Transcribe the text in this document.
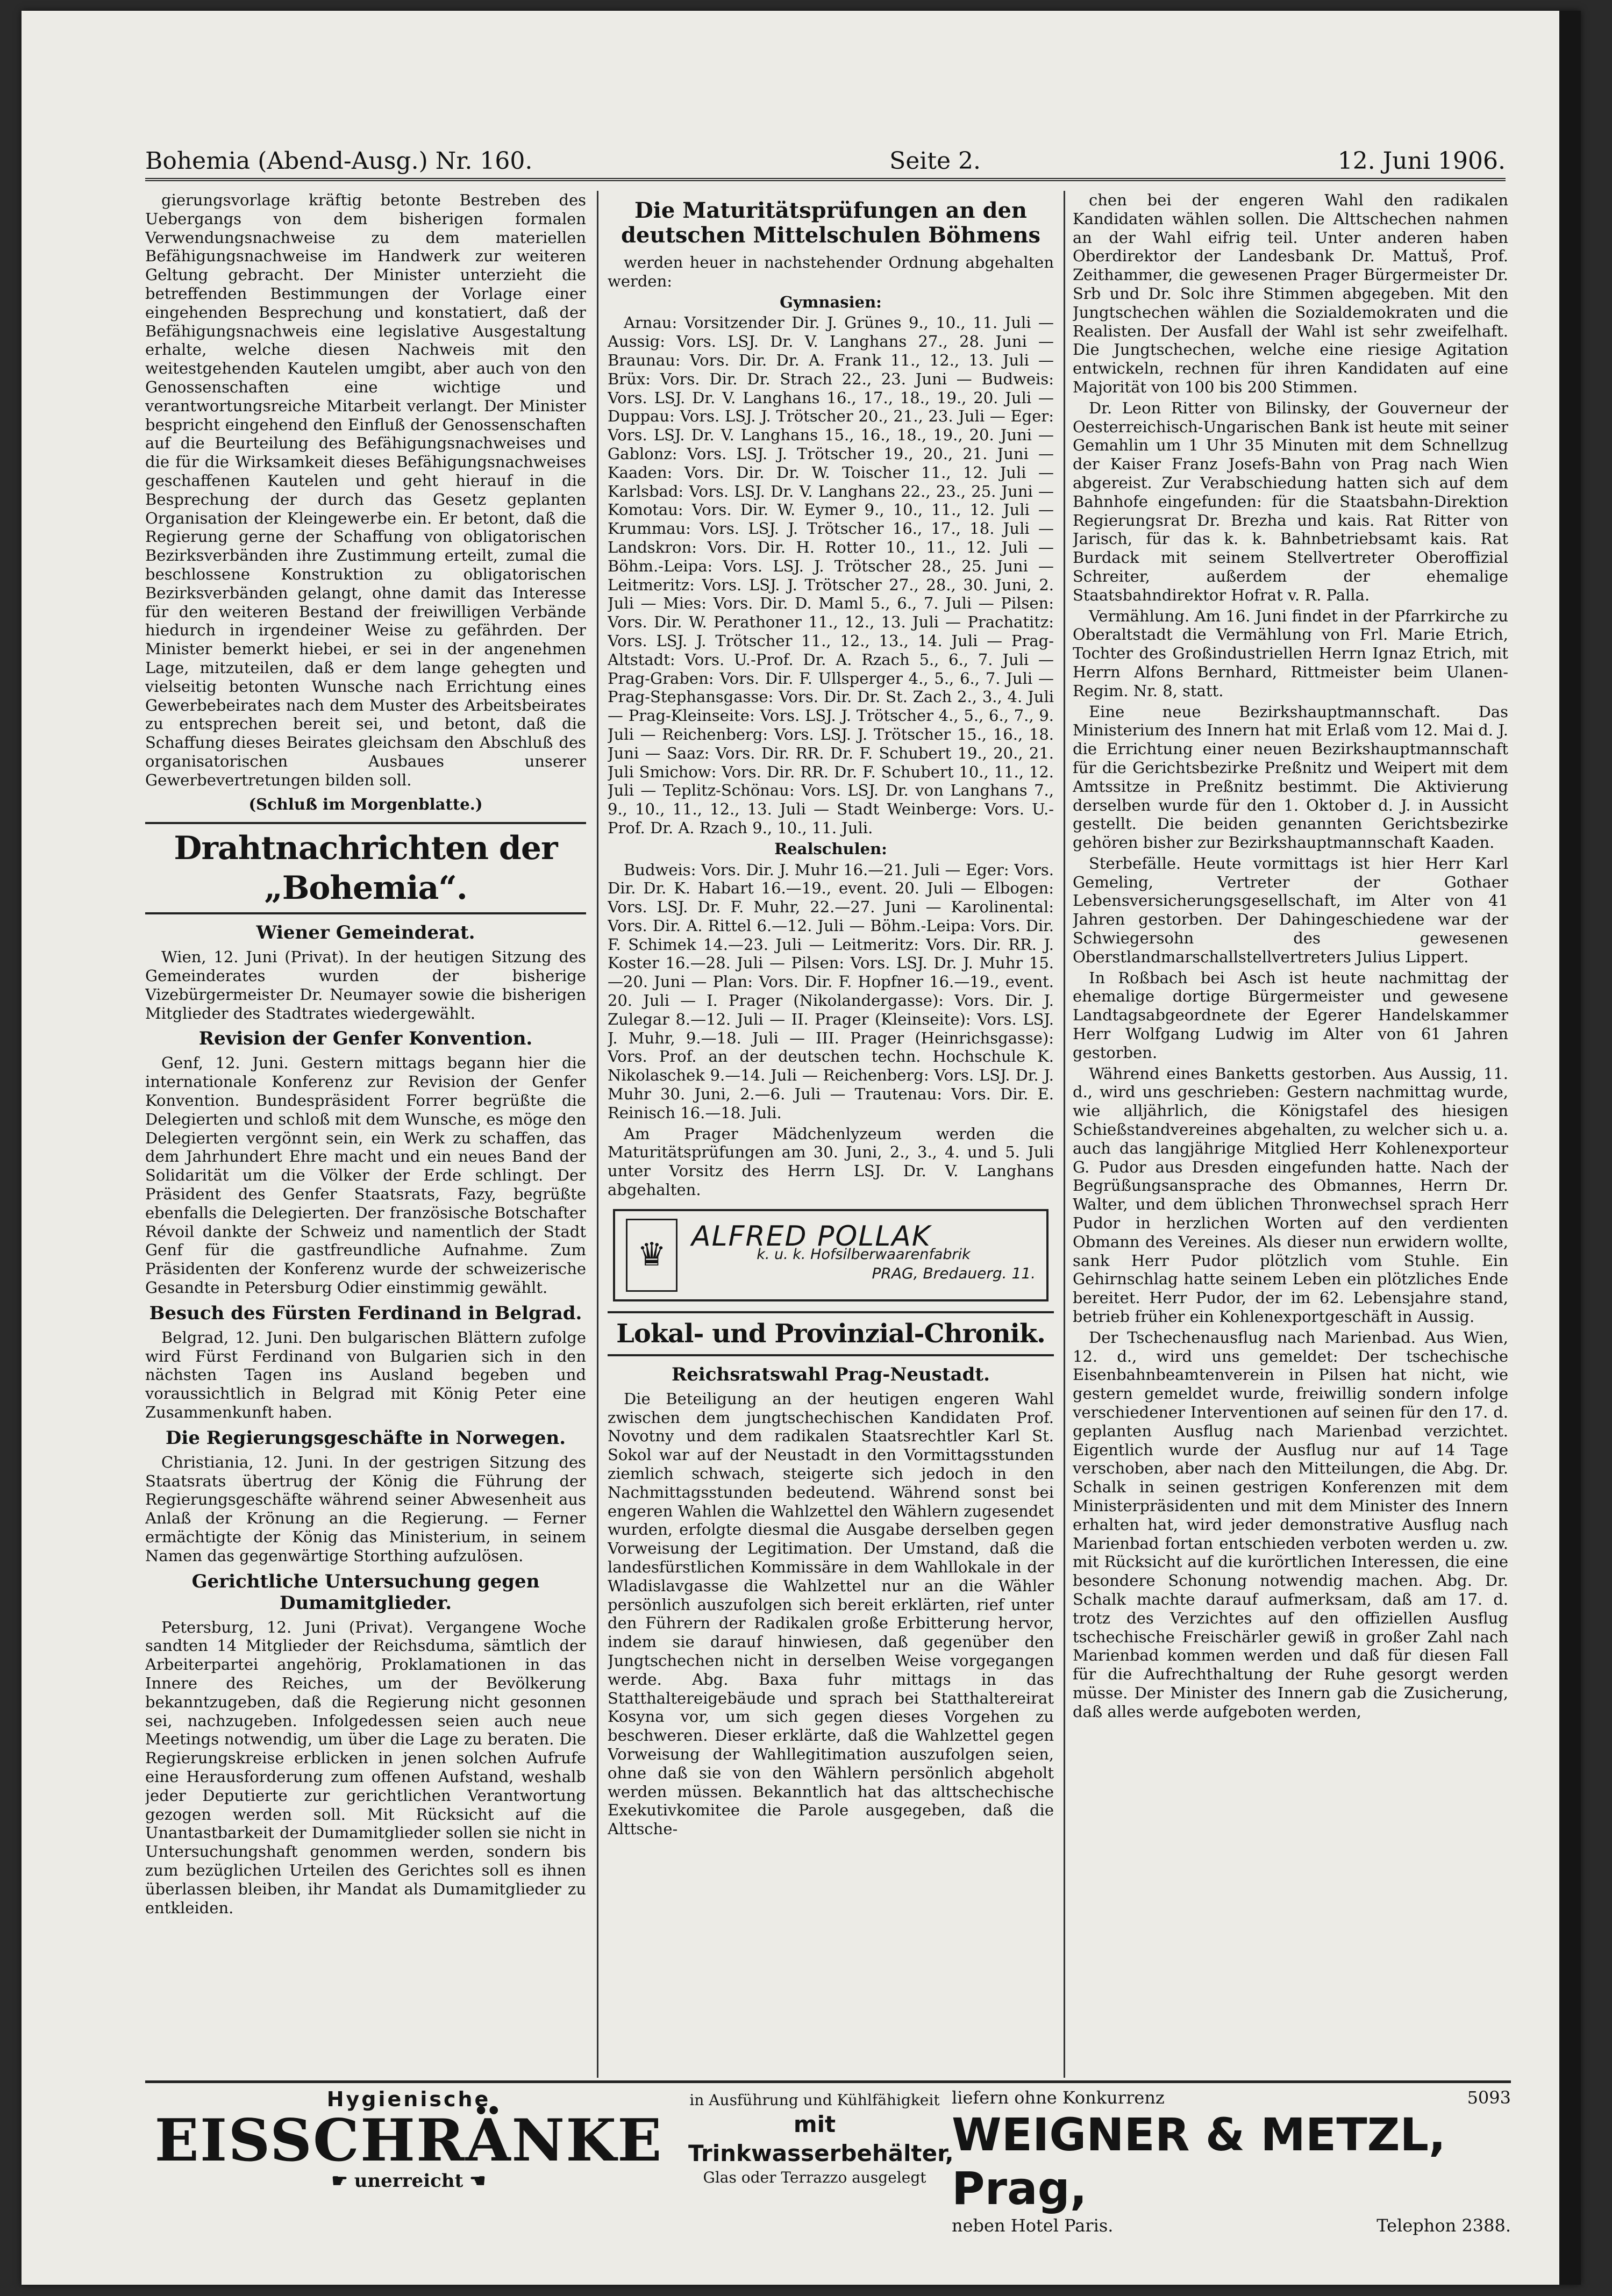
Bohemia (Abend-Ausg.) Nr. 160.	Seite 2.	12. Juni 1906.

gierungsvorlage kräftig betonte Bestreben des Uebergangs von dem bisherigen formalen Verwendungsnachweise zu dem materiellen Befähigungsnachweise im Handwerk zur weiteren Geltung gebracht. Der Minister unterzieht die betreffenden Bestimmungen der Vorlage einer eingehenden Besprechung und konstatiert, daß der Befähigungsnachweis eine legislative Ausgestaltung erhalte, welche diesen Nachweis mit den weitestgehenden Kautelen umgibt, aber auch von den Genossenschaften eine wichtige und verantwortungsreiche Mitarbeit verlangt. Der Minister bespricht eingehend den Einfluß der Genossenschaften auf die Beurteilung des Befähigungsnachweises und die für die Wirksamkeit dieses Befähigungsnachweises geschaffenen Kautelen und geht hierauf in die Besprechung der durch das Gesetz geplanten Organisation der Kleingewerbe ein. Er betont, daß die Regierung gerne der Schaffung von obligatorischen Bezirksverbänden ihre Zustimmung erteilt, zumal die beschlossene Konstruktion zu obligatorischen Bezirksverbänden gelangt, ohne damit das Interesse für den weiteren Bestand der freiwilligen Verbände hiedurch in irgendeiner Weise zu gefährden. Der Minister bemerkt hiebei, er sei in der angenehmen Lage, mitzuteilen, daß er dem lange gehegten und vielseitig betonten Wunsche nach Errichtung eines Gewerbebeirates nach dem Muster des Arbeitsbeirates zu entsprechen bereit sei, und betont, daß die Schaffung dieses Beirates gleichsam den Abschluß des organisatorischen Ausbaues unserer Gewerbevertretungen bilden soll.

(Schluß im Morgenblatte.)

Drahtnachrichten der „Bohemia“.
Wiener Gemeinderat.

Wien, 12. Juni (Privat). In der heutigen Sitzung des Gemeinderates wurden der bisherige Vizebürgermeister Dr. Neumayer sowie die bisherigen Mitglieder des Stadtrates wiedergewählt.

Revision der Genfer Konvention.

Genf, 12. Juni. Gestern mittags begann hier die internationale Konferenz zur Revision der Genfer Konvention. Bundespräsident Forrer begrüßte die Delegierten und schloß mit dem Wunsche, es möge den Delegierten vergönnt sein, ein Werk zu schaffen, das dem Jahrhundert Ehre macht und ein neues Band der Solidarität um die Völker der Erde schlingt. Der Präsident des Genfer Staatsrats, Fazy, begrüßte ebenfalls die Delegierten. Der französische Botschafter Révoil dankte der Schweiz und namentlich der Stadt Genf für die gastfreundliche Aufnahme. Zum Präsidenten der Konferenz wurde der schweizerische Gesandte in Petersburg Odier einstimmig gewählt.

Besuch des Fürsten Ferdinand in Belgrad.

Belgrad, 12. Juni. Den bulgarischen Blättern zufolge wird Fürst Ferdinand von Bulgarien sich in den nächsten Tagen ins Ausland begeben und voraussichtlich in Belgrad mit König Peter eine Zusammenkunft haben.

Die Regierungsgeschäfte in Norwegen.

Christiania, 12. Juni. In der gestrigen Sitzung des Staatsrats übertrug der König die Führung der Regierungsgeschäfte während seiner Abwesenheit aus Anlaß der Krönung an die Regierung. — Ferner ermächtigte der König das Ministerium, in seinem Namen das gegenwärtige Storthing aufzulösen.

Gerichtliche Untersuchung gegen Dumamitglieder.

Petersburg, 12. Juni (Privat). Vergangene Woche sandten 14 Mitglieder der Reichsduma, sämtlich der Arbeiterpartei angehörig, Proklamationen in das Innere des Reiches, um der Bevölkerung bekanntzugeben, daß die Regierung nicht gesonnen sei, nachzugeben. Infolgedessen seien auch neue Meetings notwendig, um über die Lage zu beraten. Die Regierungskreise erblicken in jenen solchen Aufrufe eine Herausforderung zum offenen Aufstand, weshalb jeder Deputierte zur gerichtlichen Verantwortung gezogen werden soll. Mit Rücksicht auf die Unantastbarkeit der Dumamitglieder sollen sie nicht in Untersuchungshaft genommen werden, sondern bis zum bezüglichen Urteilen des Gerichtes soll es ihnen überlassen bleiben, ihr Mandat als Dumamitglieder zu entkleiden.

Die Maturitätsprüfungen an den deutschen Mittelschulen Böhmens

werden heuer in nachstehender Ordnung abgehalten werden:

Gymnasien:

Arnau: Vorsitzender Dir. J. Grünes 9., 10., 11. Juli — Aussig: Vors. LSJ. Dr. V. Langhans 27., 28. Juni — Braunau: Vors. Dir. Dr. A. Frank 11., 12., 13. Juli — Brüx: Vors. Dir. Dr. Strach 22., 23. Juni — Budweis: Vors. LSJ. Dr. V. Langhans 16., 17., 18., 19., 20. Juli — Duppau: Vors. LSJ. J. Trötscher 20., 21., 23. Juli — Eger: Vors. LSJ. Dr. V. Langhans 15., 16., 18., 19., 20. Juni — Gablonz: Vors. LSJ. J. Trötscher 19., 20., 21. Juni — Kaaden: Vors. Dir. Dr. W. Toischer 11., 12. Juli — Karlsbad: Vors. LSJ. Dr. V. Langhans 22., 23., 25. Juni — Komotau: Vors. Dir. W. Eymer 9., 10., 11., 12. Juli — Krummau: Vors. LSJ. J. Trötscher 16., 17., 18. Juli — Landskron: Vors. Dir. H. Rotter 10., 11., 12. Juli — Böhm.-Leipa: Vors. LSJ. J. Trötscher 28., 25. Juni — Leitmeritz: Vors. LSJ. J. Trötscher 27., 28., 30. Juni, 2. Juli — Mies: Vors. Dir. D. Maml 5., 6., 7. Juli — Pilsen: Vors. Dir. W. Perathoner 11., 12., 13. Juli — Prachatitz: Vors. LSJ. J. Trötscher 11., 12., 13., 14. Juli — Prag-Altstadt: Vors. U.-Prof. Dr. A. Rzach 5., 6., 7. Juli — Prag-Graben: Vors. Dir. F. Ullsperger 4., 5., 6., 7. Juli — Prag-Stephansgasse: Vors. Dir. Dr. St. Zach 2., 3., 4. Juli — Prag-Kleinseite: Vors. LSJ. J. Trötscher 4., 5., 6., 7., 9. Juli — Reichenberg: Vors. LSJ. J. Trötscher 15., 16., 18. Juni — Saaz: Vors. Dir. RR. Dr. F. Schubert 19., 20., 21. Juli Smichow: Vors. Dir. RR. Dr. F. Schubert 10., 11., 12. Juli — Teplitz-Schönau: Vors. LSJ. Dr. von Langhans 7., 9., 10., 11., 12., 13. Juli — Stadt Weinberge: Vors. U.-Prof. Dr. A. Rzach 9., 10., 11. Juli.

Realschulen:

Budweis: Vors. Dir. J. Muhr 16.—21. Juli — Eger: Vors. Dir. Dr. K. Habart 16.—19., event. 20. Juli — Elbogen: Vors. LSJ. Dr. F. Muhr, 22.—27. Juni — Karolinental: Vors. Dir. A. Rittel 6.—12. Juli — Böhm.-Leipa: Vors. Dir. F. Schimek 14.—23. Juli — Leitmeritz: Vors. Dir. RR. J. Koster 16.—28. Juli — Pilsen: Vors. LSJ. Dr. J. Muhr 15.—20. Juni — Plan: Vors. Dir. F. Hopfner 16.—19., event. 20. Juli — I. Prager (Nikolandergasse): Vors. Dir. J. Zulegar 8.—12. Juli — II. Prager (Kleinseite): Vors. LSJ. J. Muhr, 9.—18. Juli — III. Prager (Heinrichsgasse): Vors. Prof. an der deutschen techn. Hochschule K. Nikolaschek 9.—14. Juli — Reichenberg: Vors. LSJ. Dr. J. Muhr 30. Juni, 2.—6. Juli — Trautenau: Vors. Dir. E. Reinisch 16.—18. Juli.

Am Prager Mädchenlyzeum werden die Maturitätsprüfungen am 30. Juni, 2., 3., 4. und 5. Juli unter Vorsitz des Herrn LSJ. Dr. V. Langhans abgehalten.

♛ ALFRED POLLAK
k. u. k. Hofsilberwaarenfabrik
PRAG, Bredauerg. 11.
Lokal- und Provinzial-Chronik.
Reichsratswahl Prag-Neustadt.

Die Beteiligung an der heutigen engeren Wahl zwischen dem jungtschechischen Kandidaten Prof. Novotny und dem radikalen Staatsrechtler Karl St. Sokol war auf der Neustadt in den Vormittagsstunden ziemlich schwach, steigerte sich jedoch in den Nachmittagsstunden bedeutend. Während sonst bei engeren Wahlen die Wahlzettel den Wählern zugesendet wurden, erfolgte diesmal die Ausgabe derselben gegen Vorweisung der Legitimation. Der Umstand, daß die landesfürstlichen Kommissäre in dem Wahllokale in der Wladislavgasse die Wahlzettel nur an die Wähler persönlich auszufolgen sich bereit erklärten, rief unter den Führern der Radikalen große Erbitterung hervor, indem sie darauf hinwiesen, daß gegenüber den Jungtschechen nicht in derselben Weise vorgegangen werde. Abg. Baxa fuhr mittags in das Statthaltereigebäude und sprach bei Statthaltereirat Kosyna vor, um sich gegen dieses Vorgehen zu beschweren. Dieser erklärte, daß die Wahlzettel gegen Vorweisung der Wahllegitimation auszufolgen seien, ohne daß sie von den Wählern persönlich abgeholt werden müssen. Bekanntlich hat das alttschechische Exekutivkomitee die Parole ausgegeben, daß die Alttsche-

chen bei der engeren Wahl den radikalen Kandidaten wählen sollen. Die Alttschechen nahmen an der Wahl eifrig teil. Unter anderen haben Oberdirektor der Landesbank Dr. Mattuš, Prof. Zeithammer, die gewesenen Prager Bürgermeister Dr. Srb und Dr. Solc ihre Stimmen abgegeben. Mit den Jungtschechen wählen die Sozialdemokraten und die Realisten. Der Ausfall der Wahl ist sehr zweifelhaft. Die Jungtschechen, welche eine riesige Agitation entwickeln, rechnen für ihren Kandidaten auf eine Majorität von 100 bis 200 Stimmen.

Dr. Leon Ritter von Bilinsky, der Gouverneur der Oesterreichisch-Ungarischen Bank ist heute mit seiner Gemahlin um 1 Uhr 35 Minuten mit dem Schnellzug der Kaiser Franz Josefs-Bahn von Prag nach Wien abgereist. Zur Verabschiedung hatten sich auf dem Bahnhofe eingefunden: für die Staatsbahn-Direktion Regierungsrat Dr. Brezha und kais. Rat Ritter von Jarisch, für das k. k. Bahnbetriebsamt kais. Rat Burdack mit seinem Stellvertreter Oberoffizial Schreiter, außerdem der ehemalige Staatsbahndirektor Hofrat v. R. Palla.

Vermählung. Am 16. Juni findet in der Pfarrkirche zu Oberaltstadt die Vermählung von Frl. Marie Etrich, Tochter des Großindustriellen Herrn Ignaz Etrich, mit Herrn Alfons Bernhard, Rittmeister beim Ulanen-Regim. Nr. 8, statt.

Eine neue Bezirkshauptmannschaft. Das Ministerium des Innern hat mit Erlaß vom 12. Mai d. J. die Errichtung einer neuen Bezirkshauptmannschaft für die Gerichtsbezirke Preßnitz und Weipert mit dem Amtssitze in Preßnitz bestimmt. Die Aktivierung derselben wurde für den 1. Oktober d. J. in Aussicht gestellt. Die beiden genannten Gerichtsbezirke gehören bisher zur Bezirkshauptmannschaft Kaaden.

Sterbefälle. Heute vormittags ist hier Herr Karl Gemeling, Vertreter der Gothaer Lebensversicherungsgesellschaft, im Alter von 41 Jahren gestorben. Der Dahingeschiedene war der Schwiegersohn des gewesenen Oberstlandmarschallstellvertreters Julius Lippert.

In Roßbach bei Asch ist heute nachmittag der ehemalige dortige Bürgermeister und gewesene Landtagsabgeordnete der Egerer Handelskammer Herr Wolfgang Ludwig im Alter von 61 Jahren gestorben.

Während eines Banketts gestorben. Aus Aussig, 11. d., wird uns geschrieben: Gestern nachmittag wurde, wie alljährlich, die Königstafel des hiesigen Schießstandvereines abgehalten, zu welcher sich u. a. auch das langjährige Mitglied Herr Kohlenexporteur G. Pudor aus Dresden eingefunden hatte. Nach der Begrüßungsansprache des Obmannes, Herrn Dr. Walter, und dem üblichen Thronwechsel sprach Herr Pudor in herzlichen Worten auf den verdienten Obmann des Vereines. Als dieser nun erwidern wollte, sank Herr Pudor plötzlich vom Stuhle. Ein Gehirnschlag hatte seinem Leben ein plötzliches Ende bereitet. Herr Pudor, der im 62. Lebensjahre stand, betrieb früher ein Kohlenexportgeschäft in Aussig.

Der Tschechenausflug nach Marienbad. Aus Wien, 12. d., wird uns gemeldet: Der tschechische Eisenbahnbeamtenverein in Pilsen hat nicht, wie gestern gemeldet wurde, freiwillig sondern infolge verschiedener Interventionen auf seinen für den 17. d. geplanten Ausflug nach Marienbad verzichtet. Eigentlich wurde der Ausflug nur auf 14 Tage verschoben, aber nach den Mitteilungen, die Abg. Dr. Schalk in seinen gestrigen Konferenzen mit dem Ministerpräsidenten und mit dem Minister des Innern erhalten hat, wird jeder demonstrative Ausflug nach Marienbad fortan entschieden verboten werden u. zw. mit Rücksicht auf die kurörtlichen Interessen, die eine besondere Schonung notwendig machen. Abg. Dr. Schalk machte darauf aufmerksam, daß am 17. d. trotz des Verzichtes auf den offiziellen Ausflug tschechische Freischärler gewiß in großer Zahl nach Marienbad kommen werden und daß für diesen Fall für die Aufrechthaltung der Ruhe gesorgt werden müsse. Der Minister des Innern gab die Zusicherung, daß alles werde aufgeboten werden,

Hygienische
EISSCHRÄNKE
☛ unerreicht ☚
in Ausführung und Kühlfähigkeit
mit Trinkwasserbehälter,
Glas oder Terrazzo ausgelegt
liefern ohne Konkurrenz	5093
WEIGNER & METZL, Prag,
neben Hotel Paris.	Telephon 2388.
